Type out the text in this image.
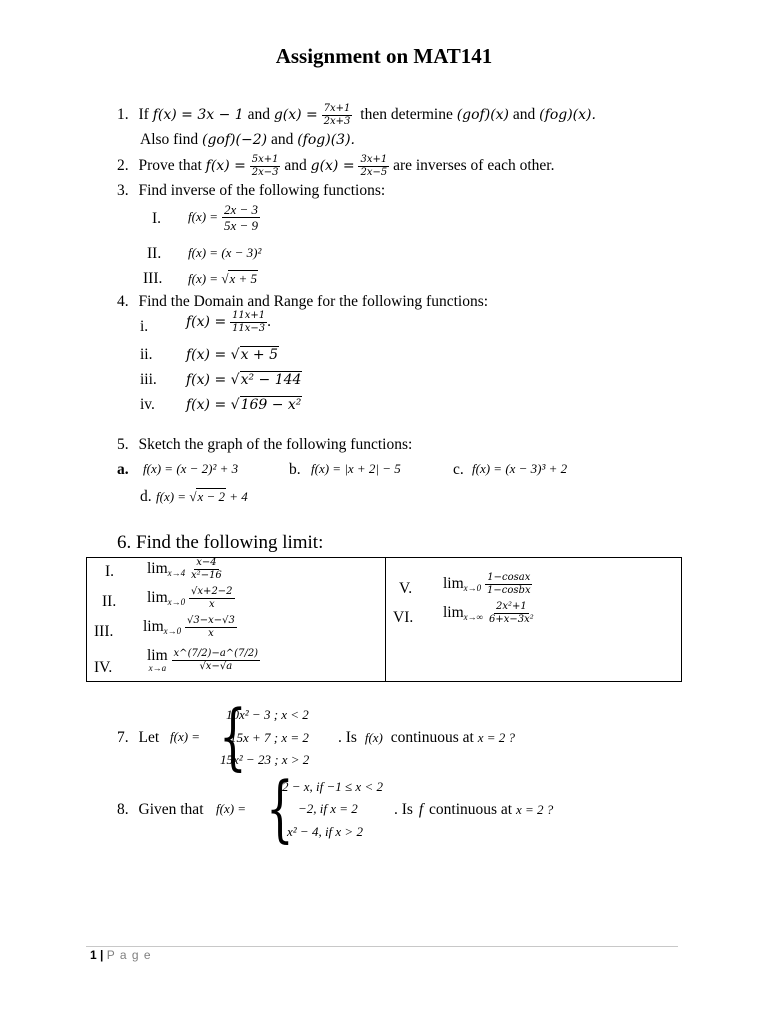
Assignment on MAT141
1. If f(x) = 3x − 1 and $g(x) = \frac{7x+1}{2x+3}$ then determine (gof)(x) and (fog)(x).
Also find (gof)(−2) and (fog)(3).
2. Prove that $f(x) = \frac{5x+1}{2x-3}$ and $g(x) = \frac{3x+1}{2x-5}$ are inverses of each other.
3. Find inverse of the following functions:
I. $f(x) = \frac{2x - 3}{5x - 9}$
II. f(x) = (x − 3)²
III. f(x) = √x + 5
4. Find the Domain and Range for the following functions:
i.	$f(x) = \frac{11x+1}{11x-3}$ .
ii. f(x) = √x + 5
iii. f(x) = √x² − 144
iv. f(x) = √169 − x²
5. Sketch the graph of the following functions:
a. f(x) = (x − 2)² + 3	b. f(x) = |x + 2| − 5	c. f(x) = (x − 3)³ + 2
d. f(x) = √x − 2 + 4
6. Find the following limit:
I. $\lim_{x\to 4} \frac{x-4}{\text{x²−16}}$
II. $\lim_{x\to 0} \frac{√x+2-2}{x}$
III. $\lim_{x\to 0} \frac{√3-x-√3}{x}$
IV.
lim
x→a
$\frac{x\^{}(7/2)-a\^{}(7/2)}{√x-√a}$

V. $\lim_{x\to 0} \frac{\text{1−cosax}}{\text{1−cosbx}}$
VI. $\lim_{x\to\infty} \frac{\text{2x²+1}}{\text{6+x−3x²}}$
7. Let f(x) = {
10x² − 3 ; x < 2
15x + 7 ; x = 2
15x² − 23 ; x > 2
. Is f(x) continuous at x = 2 ?
8. Given that f(x) = {
2 − x, if −1 ≤ x < 2
−2, if x = 2
x² − 4, if x > 2
. Is f continuous at x = 2 ?
1 | P a g e
